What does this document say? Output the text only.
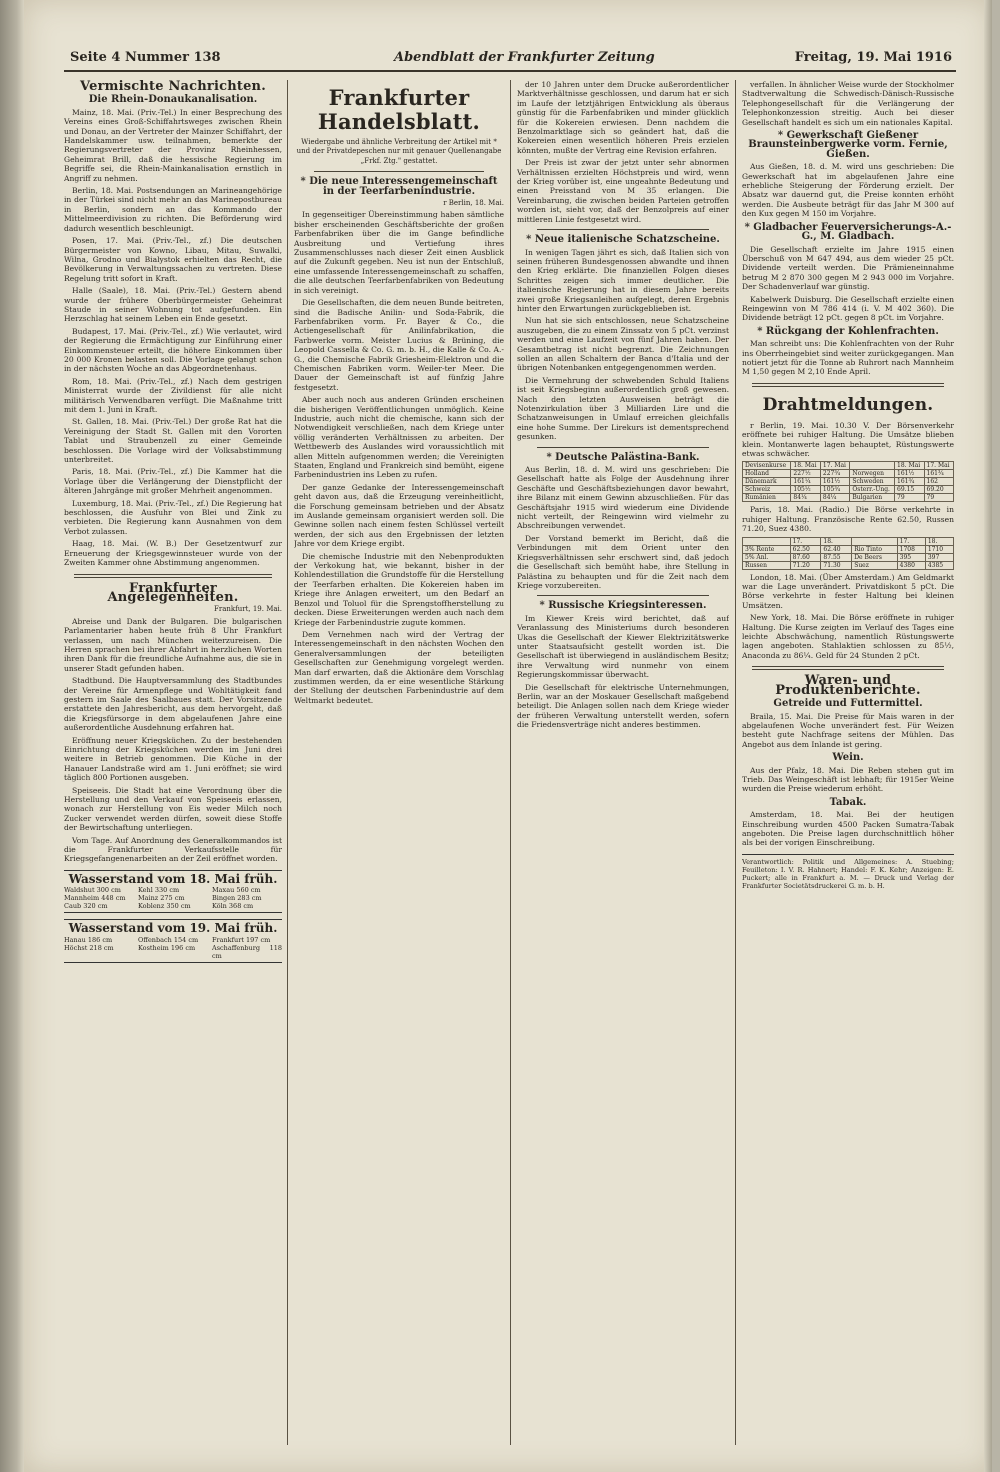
Seite 4 Nummer 138	Abendblatt der Frankfurter Zeitung	Freitag, 19. Mai 1916
Vermischte Nachrichten.
Die Rhein-Donaukanalisation.

Mainz, 18. Mai. (Priv.-Tel.) In einer Besprechung des Vereins eines Groß-Schiffahrtsweges zwischen Rhein und Donau, an der Vertreter der Mainzer Schiffahrt, der Handelskammer usw. teilnahmen, bemerkte der Regierungsvertreter der Provinz Rheinhessen, Geheimrat Brill, daß die hessische Regierung im Begriffe sei, die Rhein-Mainkanalisation ernstlich in Angriff zu nehmen.

Berlin, 18. Mai. Postsendungen an Marineangehörige in der Türkei sind nicht mehr an das Marinepostbureau in Berlin, sondern an das Kommando der Mittelmeerdivision zu richten. Die Beförderung wird dadurch wesentlich beschleunigt.

Posen, 17. Mai. (Priv.-Tel., zf.) Die deutschen Bürgermeister von Kowno, Libau, Mitau, Suwalki, Wilna, Grodno und Bialystok erhielten das Recht, die Bevölkerung in Verwaltungssachen zu vertreten. Diese Regelung tritt sofort in Kraft.

Halle (Saale), 18. Mai. (Priv.-Tel.) Gestern abend wurde der frühere Oberbürgermeister Geheimrat Staude in seiner Wohnung tot aufgefunden. Ein Herzschlag hat seinem Leben ein Ende gesetzt.

Budapest, 17. Mai. (Priv.-Tel., zf.) Wie verlautet, wird der Regierung die Ermächtigung zur Einführung einer Einkommensteuer erteilt, die höhere Einkommen über 20 000 Kronen belasten soll. Die Vorlage gelangt schon in der nächsten Woche an das Abgeordnetenhaus.

Rom, 18. Mai. (Priv.-Tel., zf.) Nach dem gestrigen Ministerrat wurde der Zivildienst für alle nicht militärisch Verwendbaren verfügt. Die Maßnahme tritt mit dem 1. Juni in Kraft.

St. Gallen, 18. Mai. (Priv.-Tel.) Der große Rat hat die Vereinigung der Stadt St. Gallen mit den Vororten Tablat und Straubenzell zu einer Gemeinde beschlossen. Die Vorlage wird der Volksabstimmung unterbreitet.

Paris, 18. Mai. (Priv.-Tel., zf.) Die Kammer hat die Vorlage über die Verlängerung der Dienstpflicht der älteren Jahrgänge mit großer Mehrheit angenommen.

Luxemburg, 18. Mai. (Priv.-Tel., zf.) Die Regierung hat beschlossen, die Ausfuhr von Blei und Zink zu verbieten. Die Regierung kann Ausnahmen von dem Verbot zulassen.

Haag, 18. Mai. (W. B.) Der Gesetzentwurf zur Erneuerung der Kriegsgewinnsteuer wurde von der Zweiten Kammer ohne Abstimmung angenommen.

Frankfurter Angelegenheiten.
Frankfurt, 19. Mai.

Abreise und Dank der Bulgaren. Die bulgarischen Parlamentarier haben heute früh 8 Uhr Frankfurt verlassen, um nach München weiterzureisen. Die Herren sprachen bei ihrer Abfahrt in herzlichen Worten ihren Dank für die freundliche Aufnahme aus, die sie in unserer Stadt gefunden haben.

Stadtbund. Die Hauptversammlung des Stadtbundes der Vereine für Armenpflege und Wohltätigkeit fand gestern im Saale des Saalbaues statt. Der Vorsitzende erstattete den Jahresbericht, aus dem hervorgeht, daß die Kriegsfürsorge in dem abgelaufenen Jahre eine außerordentliche Ausdehnung erfahren hat.

Eröffnung neuer Kriegsküchen. Zu der bestehenden Einrichtung der Kriegsküchen werden im Juni drei weitere in Betrieb genommen. Die Küche in der Hanauer Landstraße wird am 1. Juni eröffnet; sie wird täglich 800 Portionen ausgeben.

Speiseeis. Die Stadt hat eine Verordnung über die Herstellung und den Verkauf von Speiseeis erlassen, wonach zur Herstellung von Eis weder Milch noch Zucker verwendet werden dürfen, soweit diese Stoffe der Bewirtschaftung unterliegen.

Vom Tage. Auf Anordnung des Generalkommandos ist die Frankfurter Verkaufsstelle für Kriegsgefangenenarbeiten an der Zeil eröffnet worden.

Wasserstand vom 18. Mai früh.
Waldshut 300 cm	Kehl 330 cm	Maxau 560 cm
Mannheim 448 cm	Mainz 275 cm	Bingen 283 cm
Caub 320 cm	Koblenz 350 cm	Köln 368 cm
Wasserstand vom 19. Mai früh.
Hanau 186 cm	Offenbach 154 cm	Frankfurt 197 cm
Höchst 218 cm	Kostheim 196 cm	Aschaffenburg 118 cm
Frankfurter Handelsblatt.
Wiedergabe und ähnliche Verbreitung der Artikel mit * und der Privatdepeschen nur mit genauer Quellenangabe „Frkf. Ztg." gestattet.
* Die neue Interessengemeinschaft in der Teerfarbenindustrie.
r Berlin, 18. Mai.

In gegenseitiger Übereinstimmung haben sämtliche bisher erscheinenden Geschäftsberichte der großen Farbenfabriken über die im Gange befindliche Ausbreitung und Vertiefung ihres Zusammenschlusses nach dieser Zeit einen Ausblick auf die Zukunft gegeben. Neu ist nun der Entschluß, eine umfassende Interessengemeinschaft zu schaffen, die alle deutschen Teerfarbenfabriken von Bedeutung in sich vereinigt.

Die Gesellschaften, die dem neuen Bunde beitreten, sind die Badische Anilin- und Soda-Fabrik, die Farbenfabriken vorm. Fr. Bayer & Co., die Actiengesellschaft für Anilinfabrikation, die Farbwerke vorm. Meister Lucius & Brüning, die Leopold Cassella & Co. G. m. b. H., die Kalle & Co. A.-G., die Chemische Fabrik Griesheim-Elektron und die Chemischen Fabriken vorm. Weiler-ter Meer. Die Dauer der Gemeinschaft ist auf fünfzig Jahre festgesetzt.

Aber auch noch aus anderen Gründen erscheinen die bisherigen Veröffentlichungen unmöglich. Keine Industrie, auch nicht die chemische, kann sich der Notwendigkeit verschließen, nach dem Kriege unter völlig veränderten Verhältnissen zu arbeiten. Der Wettbewerb des Auslandes wird voraussichtlich mit allen Mitteln aufgenommen werden; die Vereinigten Staaten, England und Frankreich sind bemüht, eigene Farbenindustrien ins Leben zu rufen.

Der ganze Gedanke der Interessengemeinschaft geht davon aus, daß die Erzeugung vereinheitlicht, die Forschung gemeinsam betrieben und der Absatz im Auslande gemeinsam organisiert werden soll. Die Gewinne sollen nach einem festen Schlüssel verteilt werden, der sich aus den Ergebnissen der letzten Jahre vor dem Kriege ergibt.

Die chemische Industrie mit den Nebenprodukten der Verkokung hat, wie bekannt, bisher in der Kohlendestillation die Grundstoffe für die Herstellung der Teerfarben erhalten. Die Kokereien haben im Kriege ihre Anlagen erweitert, um den Bedarf an Benzol und Toluol für die Sprengstoffherstellung zu decken. Diese Erweiterungen werden auch nach dem Kriege der Farbenindustrie zugute kommen.

Dem Vernehmen nach wird der Vertrag der Interessengemeinschaft in den nächsten Wochen den Generalversammlungen der beteiligten Gesellschaften zur Genehmigung vorgelegt werden. Man darf erwarten, daß die Aktionäre dem Vorschlag zustimmen werden, da er eine wesentliche Stärkung der Stellung der deutschen Farbenindustrie auf dem Weltmarkt bedeutet.

der 10 Jahren unter dem Drucke außerordentlicher Marktverhältnisse geschlossen, und darum hat er sich im Laufe der letztjährigen Entwicklung als überaus günstig für die Farbenfabriken und minder glücklich für die Kokereien erwiesen. Denn nachdem die Benzolmarktlage sich so geändert hat, daß die Kokereien einen wesentlich höheren Preis erzielen könnten, mußte der Vertrag eine Revision erfahren.

Der Preis ist zwar der jetzt unter sehr abnormen Verhältnissen erzielten Höchstpreis und wird, wenn der Krieg vorüber ist, eine ungeahnte Bedeutung und einen Preisstand von M 35 erlangen. Die Vereinbarung, die zwischen beiden Parteien getroffen worden ist, sieht vor, daß der Benzolpreis auf einer mittleren Linie festgesetzt wird.

* Neue italienische Schatzscheine.

In wenigen Tagen jährt es sich, daß Italien sich von seinen früheren Bundesgenossen abwandte und ihnen den Krieg erklärte. Die finanziellen Folgen dieses Schrittes zeigen sich immer deutlicher. Die italienische Regierung hat in diesem Jahre bereits zwei große Kriegsanleihen aufgelegt, deren Ergebnis hinter den Erwartungen zurückgeblieben ist.

Nun hat sie sich entschlossen, neue Schatzscheine auszugeben, die zu einem Zinssatz von 5 pCt. verzinst werden und eine Laufzeit von fünf Jahren haben. Der Gesamtbetrag ist nicht begrenzt. Die Zeichnungen sollen an allen Schaltern der Banca d'Italia und der übrigen Notenbanken entgegengenommen werden.

Die Vermehrung der schwebenden Schuld Italiens ist seit Kriegsbeginn außerordentlich groß gewesen. Nach den letzten Ausweisen beträgt die Notenzirkulation über 3 Milliarden Lire und die Schatzanweisungen in Umlauf erreichen gleichfalls eine hohe Summe. Der Lirekurs ist dementsprechend gesunken.

* Deutsche Palästina-Bank.

Aus Berlin, 18. d. M. wird uns geschrieben: Die Gesellschaft hatte als Folge der Ausdehnung ihrer Geschäfte und Geschäftsbeziehungen davor bewahrt, ihre Bilanz mit einem Gewinn abzuschließen. Für das Geschäftsjahr 1915 wird wiederum eine Dividende nicht verteilt, der Reingewinn wird vielmehr zu Abschreibungen verwendet.

Der Vorstand bemerkt im Bericht, daß die Verbindungen mit dem Orient unter den Kriegsverhältnissen sehr erschwert sind, daß jedoch die Gesellschaft sich bemüht habe, ihre Stellung in Palästina zu behaupten und für die Zeit nach dem Kriege vorzubereiten.

* Russische Kriegsinteressen.

Im Kiewer Kreis wird berichtet, daß auf Veranlassung des Ministeriums durch besonderen Ukas die Gesellschaft der Kiewer Elektrizitätswerke unter Staatsaufsicht gestellt worden ist. Die Gesellschaft ist überwiegend in ausländischem Besitz; ihre Verwaltung wird nunmehr von einem Regierungskommissar überwacht.

Die Gesellschaft für elektrische Unternehmungen, Berlin, war an der Moskauer Gesellschaft maßgebend beteiligt. Die Anlagen sollen nach dem Kriege wieder der früheren Verwaltung unterstellt werden, sofern die Friedensverträge nicht anderes bestimmen.

verfallen. In ähnlicher Weise wurde der Stockholmer Stadtverwaltung die Schwedisch-Dänisch-Russische Telephongesellschaft für die Verlängerung der Telephonkonzession streitig. Auch bei dieser Gesellschaft handelt es sich um ein nationales Kapital.

* Gewerkschaft Gießener Braunsteinbergwerke vorm. Fernie, Gießen.

Aus Gießen, 18. d. M. wird uns geschrieben: Die Gewerkschaft hat im abgelaufenen Jahre eine erhebliche Steigerung der Förderung erzielt. Der Absatz war dauernd gut, die Preise konnten erhöht werden. Die Ausbeute beträgt für das Jahr M 300 auf den Kux gegen M 150 im Vorjahre.

* Gladbacher Feuerversicherungs-A.-G., M. Gladbach.

Die Gesellschaft erzielte im Jahre 1915 einen Überschuß von M 647 494, aus dem wieder 25 pCt. Dividende verteilt werden. Die Prämieneinnahme betrug M 2 870 300 gegen M 2 943 000 im Vorjahre. Der Schadenverlauf war günstig.

Kabelwerk Duisburg. Die Gesellschaft erzielte einen Reingewinn von M 786 414 (i. V. M 402 360). Die Dividende beträgt 12 pCt. gegen 8 pCt. im Vorjahre.

* Rückgang der Kohlenfrachten.

Man schreibt uns: Die Kohlenfrachten von der Ruhr ins Oberrheingebiet sind weiter zurückgegangen. Man notiert jetzt für die Tonne ab Ruhrort nach Mannheim M 1,50 gegen M 2,10 Ende April.

Drahtmeldungen.

r Berlin, 19. Mai. 10.30 V. Der Börsenverkehr eröffnete bei ruhiger Haltung. Die Umsätze blieben klein. Montanwerte lagen behauptet, Rüstungswerte etwas schwächer.

Devisenkurse	18. Mai	17. Mai		18. Mai	17. Mai
Holland	227½	227¾	Norwegen	161½	161¾
Dänemark	161¼	161½	Schweden	161¾	162
Schweiz	105½	105¾	Österr.-Ung.	69.15	69.20
Rumänien	84¼	84¼	Bulgarien	79	79

Paris, 18. Mai. (Radio.) Die Börse verkehrte in ruhiger Haltung. Französische Rente 62.50, Russen 71.20, Suez 4380.

	17.	18.		17.	18.
3% Rente	62.50	62.40	Rio Tinto	1708	1710
5% Anl.	87.60	87.55	De Beers	395	397
Russen	71.20	71.30	Suez	4380	4385

London, 18. Mai. (Über Amsterdam.) Am Geldmarkt war die Lage unverändert. Privatdiskont 5 pCt. Die Börse verkehrte in fester Haltung bei kleinen Umsätzen.

New York, 18. Mai. Die Börse eröffnete in ruhiger Haltung. Die Kurse zeigten im Verlauf des Tages eine leichte Abschwächung, namentlich Rüstungswerte lagen angeboten. Stahlaktien schlossen zu 85½, Anaconda zu 86¼. Geld für 24 Stunden 2 pCt.

Waren- und Produktenberichte.
Getreide und Futtermittel.

Braila, 15. Mai. Die Preise für Mais waren in der abgelaufenen Woche unverändert fest. Für Weizen besteht gute Nachfrage seitens der Mühlen. Das Angebot aus dem Inlande ist gering.

Wein.

Aus der Pfalz, 18. Mai. Die Reben stehen gut im Trieb. Das Weingeschäft ist lebhaft; für 1915er Weine wurden die Preise wiederum erhöht.

Tabak.

Amsterdam, 18. Mai. Bei der heutigen Einschreibung wurden 4500 Packen Sumatra-Tabak angeboten. Die Preise lagen durchschnittlich höher als bei der vorigen Einschreibung.

Verantwortlich: Politik und Allgemeines: A. Stuebing; Feuilleton: I. V. R. Hahnert; Handel: F. K. Kehr; Anzeigen: E. Puckert; alle in Frankfurt a. M. — Druck und Verlag der Frankfurter Societätsdruckerei G. m. b. H.
